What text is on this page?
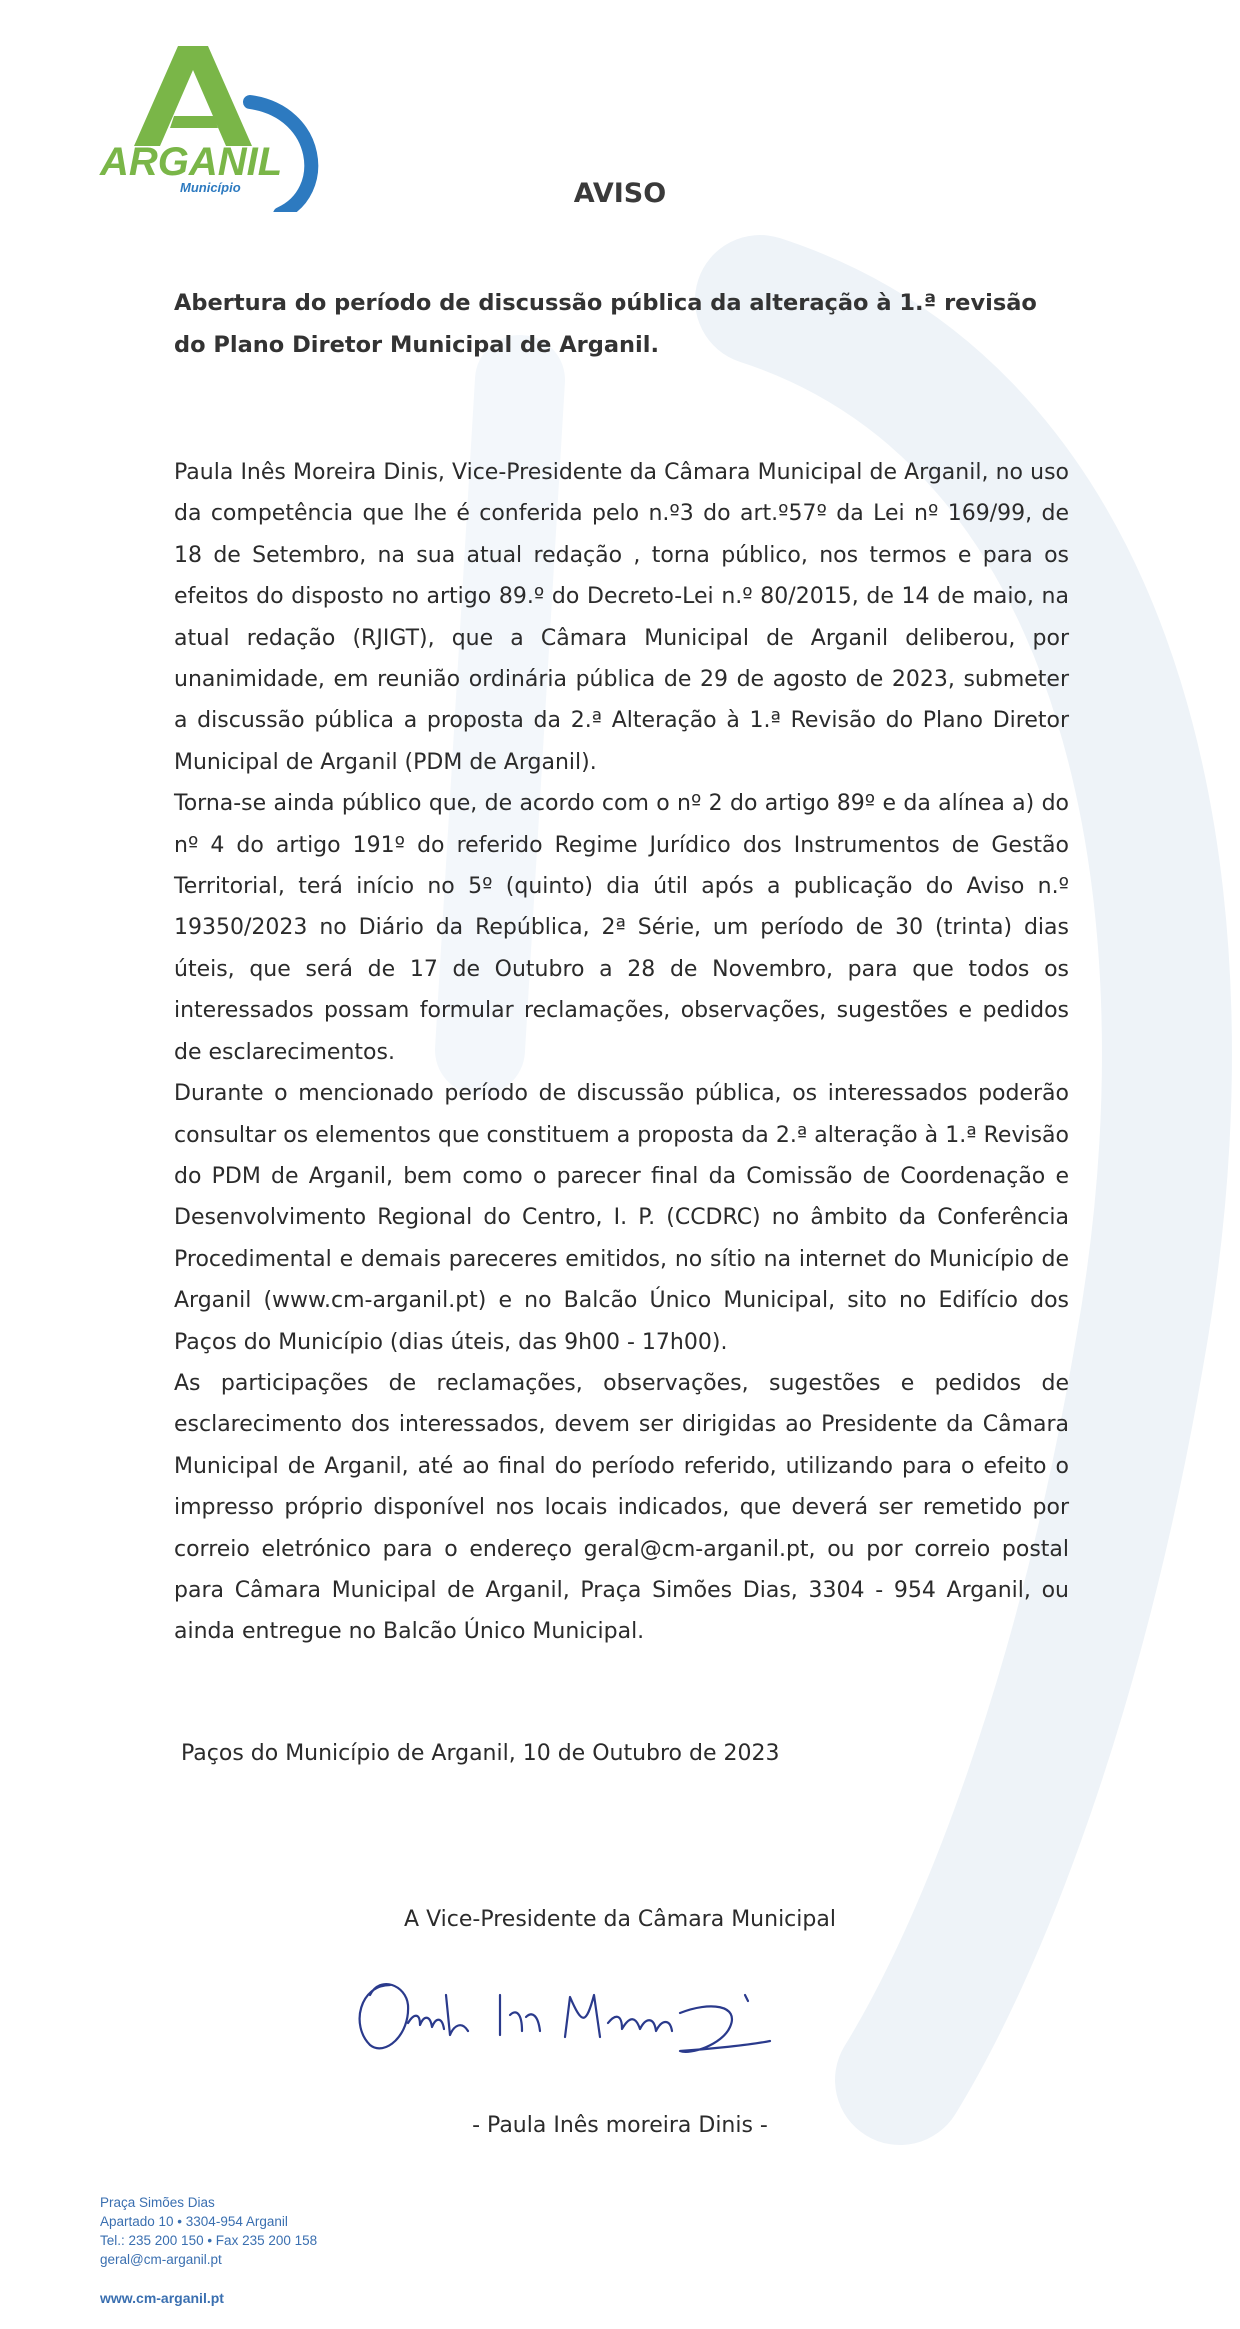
ARGANIL
Município	AVISO
Abertura do período de discussão pública da alteração à 1.ª revisão
do Plano Diretor Municipal de Arganil.

Paula Inês Moreira Dinis, Vice-Presidente da Câmara Municipal de Arganil, no uso da competência que lhe é conferida pelo n.º3 do art.º57º da Lei nº 169/99, de 18 de Setembro, na sua atual redação , torna público, nos termos e para os efeitos do disposto no artigo 89.º do Decreto-Lei n.º 80/2015, de 14 de maio, na atual redação (RJIGT), que a Câmara Municipal de Arganil deliberou, por unanimidade, em reunião ordinária pública de 29 de agosto de 2023, submeter a discussão pública a proposta da 2.ª Alteração à 1.ª Revisão do Plano Diretor Municipal de Arganil (PDM de Arganil).

Torna-se ainda público que, de acordo com o nº 2 do artigo 89º e da alínea a) do nº 4 do artigo 191º do referido Regime Jurídico dos Instrumentos de Gestão Territorial, terá início no 5º (quinto) dia útil após a publicação do Aviso n.º 19350/2023 no Diário da República, 2ª Série, um período de 30 (trinta) dias úteis, que será de 17 de Outubro a 28 de Novembro, para que todos os interessados possam formular reclamações, observações, sugestões e pedidos de esclarecimentos.

Durante o mencionado período de discussão pública, os interessados poderão consultar os elementos que constituem a proposta da 2.ª alteração à 1.ª Revisão do PDM de Arganil, bem como o parecer final da Comissão de Coordenação e Desenvolvimento Regional do Centro, I. P. (CCDRC) no âmbito da Conferência Procedimental e demais pareceres emitidos, no sítio na internet do Município de Arganil (www.cm-arganil.pt) e no Balcão Único Municipal, sito no Edifício dos Paços do Município (dias úteis, das 9h00 - 17h00).

As participações de reclamações, observações, sugestões e pedidos de esclarecimento dos interessados, devem ser dirigidas ao Presidente da Câmara Municipal de Arganil, até ao final do período referido, utilizando para o efeito o impresso próprio disponível nos locais indicados, que deverá ser remetido por correio eletrónico para o endereço geral@cm-arganil.pt, ou por correio postal para Câmara Municipal de Arganil, Praça Simões Dias, 3304 - 954 Arganil, ou ainda entregue no Balcão Único Municipal.

Paços do Município de Arganil, 10 de Outubro de 2023
A Vice-Presidente da Câmara Municipal
- Paula Inês moreira Dinis -
Praça Simões Dias
Apartado 10 • 3304-954 Arganil
Tel.: 235 200 150 • Fax 235 200 158
geral@cm-arganil.pt
www.cm-arganil.pt
